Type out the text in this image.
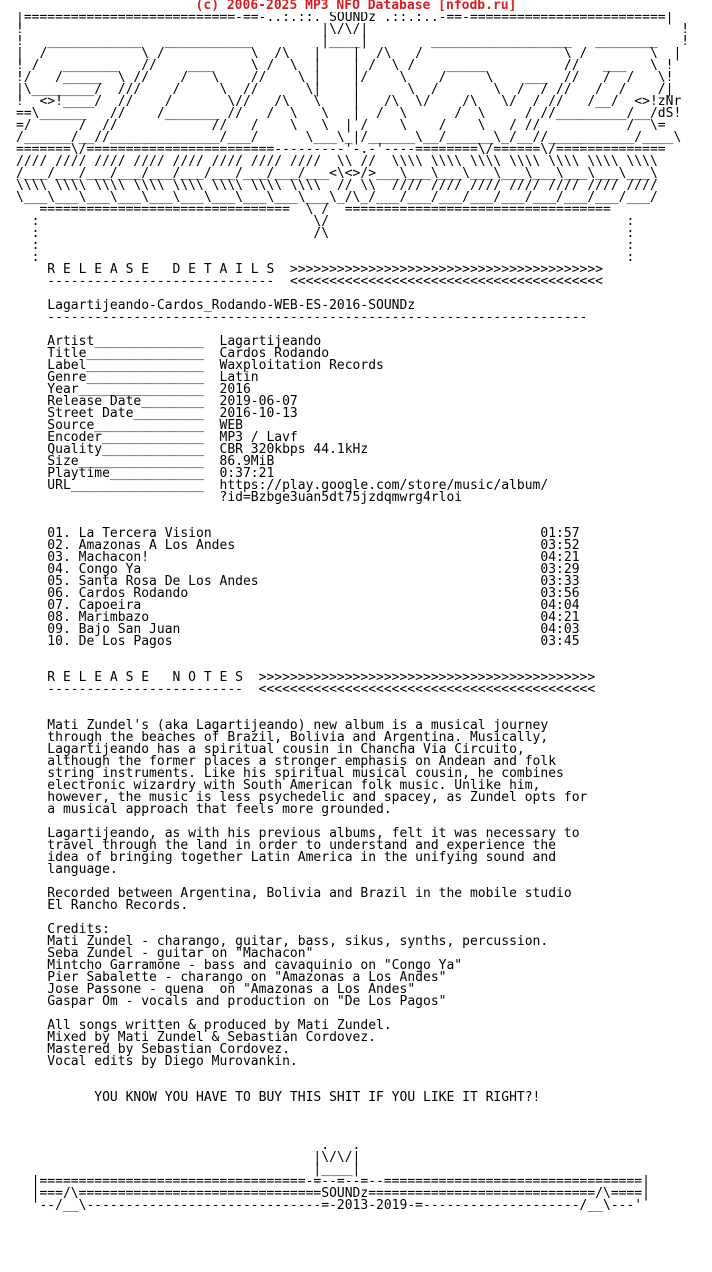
(c) 2006-2025 MP3 NFO Database [nfodb.ru]
|===========================-==-..:.::. SOUNDz .::.:..-==-=========================|
!                                      |\/\/|                                        !
!   ____________   ___________         |____|        __________________   ________   !
|  /            \ /           \  /\   |    |  /\   /                  \ /        \  |
! /   _______   //    ___     \ /  \  |    | /  \ /    _____          //   ___   \ !
!/   /_____  \ //    /   \    //    \ |    |/    \    /     \    ___  //   /  /   \!
|\________/  ///    /     \  //      \|    |      \  /       \  /  / //   /  /    /|
!  <>!____/  //    /       \//   /\   \    |   /\  \/    /\   \/  / //   /__/  <>!zNr
==\______   //    /_______ //   /  \   \   |  /  \      /  \     / //_________/__/dS!
=/      /  //            //   /    \   \  | /    \    /    \   / //           /  \=
/______/__//______________/___/      \___\_|/______\__/______\_/__//___________/____\
=======\/========================---------'-.-'----========\/======\/==============
//// //// //// //// //// //// //// ////  \\ //  \\\\ \\\\ \\\\ \\\\ \\\\ \\\\ \\\\
/___/___/___/___/___/___/___/___/___/___<\<>/>___\___\___\___\___\___\___\___\___\
\\\\ \\\\ \\\\ \\\\ \\\\ \\\\ \\\\ \\\\  // \\  //// //// //// //// //// //// ////
\___\___\___\___\___\___\___\___\___\___\_/\_/___/___/___/___/___/___/___/___/___/
================================  \ /  ==================================
:                                   \/                                      :
:                                   /\                                      :
:                                                                           :
:                                                                           :
R E L E A S E   D E T A I L S  >>>>>>>>>>>>>>>>>>>>>>>>>>>>>>>>>>>>>>>>
-----------------------------  <<<<<<<<<<<<<<<<<<<<<<<<<<<<<<<<<<<<<<<<

Lagartijeando-Cardos_Rodando-WEB-ES-2016-SOUNDz
---------------------------------------------------------------------

Artist______________  Lagartijeando
Title_______________  Cardos Rodando
Label_______________  Waxploitation Records
Genre_______________  Latin
Year________________  2016
Release Date________  2019-06-07
Street Date_________  2016-10-13
Source______________  WEB
Encoder_____________  MP3 / Lavf
Quality_____________  CBR 320kbps 44.1kHz
Size________________  86.9MiB
Playtime____________  0:37:21
URL_________________  https://play.google.com/store/music/album/
?id=Bzbge3uan5dt75jzdqmwrg4rloi

01. La Tercera Vision                                          01:57
02. Amazonas A Los Andes                                       03:52
03. Machacon!                                                  04:21
04. Congo Ya                                                   03:29
05. Santa Rosa De Los Andes                                    03:33
06. Cardos Rodando                                             03:56
07. Capoeira                                                   04:04
08. Marimbazo                                                  04:21
09. Bajo San Juan                                              04:03
10. De Los Pagos                                               03:45

R E L E A S E   N O T E S  >>>>>>>>>>>>>>>>>>>>>>>>>>>>>>>>>>>>>>>>>>>
-------------------------  <<<<<<<<<<<<<<<<<<<<<<<<<<<<<<<<<<<<<<<<<<<

Mati Zundel's (aka Lagartijeando) new album is a musical journey
through the beaches of Brazil, Bolivia and Argentina. Musically,
Lagartijeando has a spiritual cousin in Chancha Via Circuito,
although the former places a stronger emphasis on Andean and folk
string instruments. Like his spiritual musical cousin, he combines
electronic wizardry with South American folk music. Unlike him,
however, the music is less psychedelic and spacey, as Zundel opts for
a musical approach that feels more grounded.

Lagartijeando, as with his previous albums, felt it was necessary to
travel through the land in order to understand and experience the
idea of bringing together Latin America in the unifying sound and
language.

Recorded between Argentina, Bolivia and Brazil in the mobile studio
El Rancho Records.

Credits:
Mati Zundel - charango, guitar, bass, sikus, synths, percussion.
Seba Zundel - guitar on "Machacon"
Mintcho Garramone - bass and cavaquinio on "Congo Ya"
Pier Sabalette - charango on "Amazonas a Los Andes"
Jose Passone - quena  on "Amazonas a Los Andes"
Gaspar Om - vocals and production on "De Los Pagos"

All songs written & produced by Mati Zundel.
Mixed by Mati Zundel & Sebastian Cordovez.
Mastered by Sebastian Cordovez.
Vocal edits by Diego Murovankin.

YOU KNOW YOU HAVE TO BUY THIS SHIT IF YOU LIKE IT RIGHT?!

.   .
|\/\/|
|____|
|==================================-=--=--=--=================================|
|===/\===============================SOUNDz=============================/\====|
'--/__\------------------------------=-2013-2019-=--------------------/__\---'
